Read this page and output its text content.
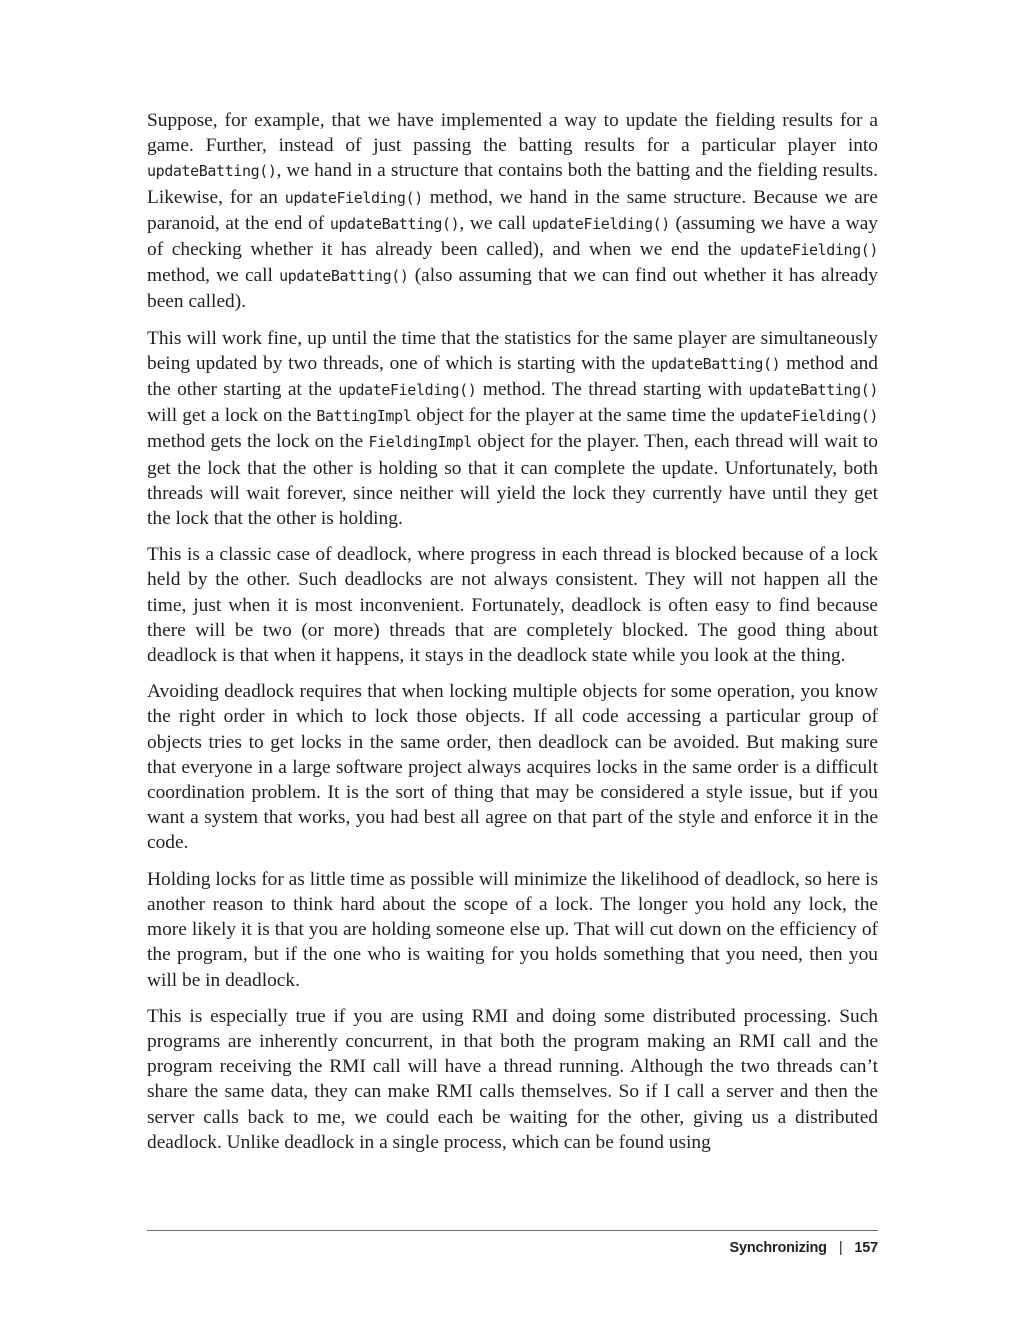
Suppose, for example, that we have implemented a way to update the fielding results for a game. Further, instead of just passing the batting results for a particular player into updateBatting(), we hand in a structure that contains both the batting and the fielding results. Likewise, for an updateFielding() method, we hand in the same structure. Because we are paranoid, at the end of updateBatting(), we call updateField​ing() (assuming we have a way of checking whether it has already been called), and when we end the updateFielding() method, we call updateBatting() (also assuming that we can find out whether it has already been called).

This will work fine, up until the time that the statistics for the same player are simultaneously being updated by two threads, one of which is starting with the updateBatting() method and the other starting at the updateFielding() method. The thread starting with updateBatting() will get a lock on the BattingImpl object for the player at the same time the updateFielding() method gets the lock on the Fieldin​gImpl object for the player. Then, each thread will wait to get the lock that the other is holding so that it can complete the update. Unfortunately, both threads will wait forever, since neither will yield the lock they currently have until they get the lock that the other is holding.

This is a classic case of deadlock, where progress in each thread is blocked because of a lock held by the other. Such deadlocks are not always consistent. They will not happen all the time, just when it is most inconvenient. Fortunately, deadlock is often easy to find because there will be two (or more) threads that are completely blocked. The good thing about deadlock is that when it happens, it stays in the deadlock state while you look at the thing.

Avoiding deadlock requires that when locking multiple objects for some operation, you know the right order in which to lock those objects. If all code accessing a particular group of objects tries to get locks in the same order, then deadlock can be avoided. But making sure that everyone in a large software project always acquires locks in the same order is a difficult coordination problem. It is the sort of thing that may be considered a style issue, but if you want a system that works, you had best all agree on that part of the style and enforce it in the code.

Holding locks for as little time as possible will minimize the likelihood of deadlock, so here is another reason to think hard about the scope of a lock. The longer you hold any lock, the more likely it is that you are holding someone else up. That will cut down on the efficiency of the program, but if the one who is waiting for you holds something that you need, then you will be in deadlock.

This is especially true if you are using RMI and doing some distributed processing. Such programs are inherently concurrent, in that both the program making an RMI call and the program receiving the RMI call will have a thread running. Although the two threads can’t share the same data, they can make RMI calls themselves. So if I call a server and then the server calls back to me, we could each be waiting for the other, giving us a distributed deadlock. Unlike deadlock in a single process, which can be found using

Synchronizing | 157
